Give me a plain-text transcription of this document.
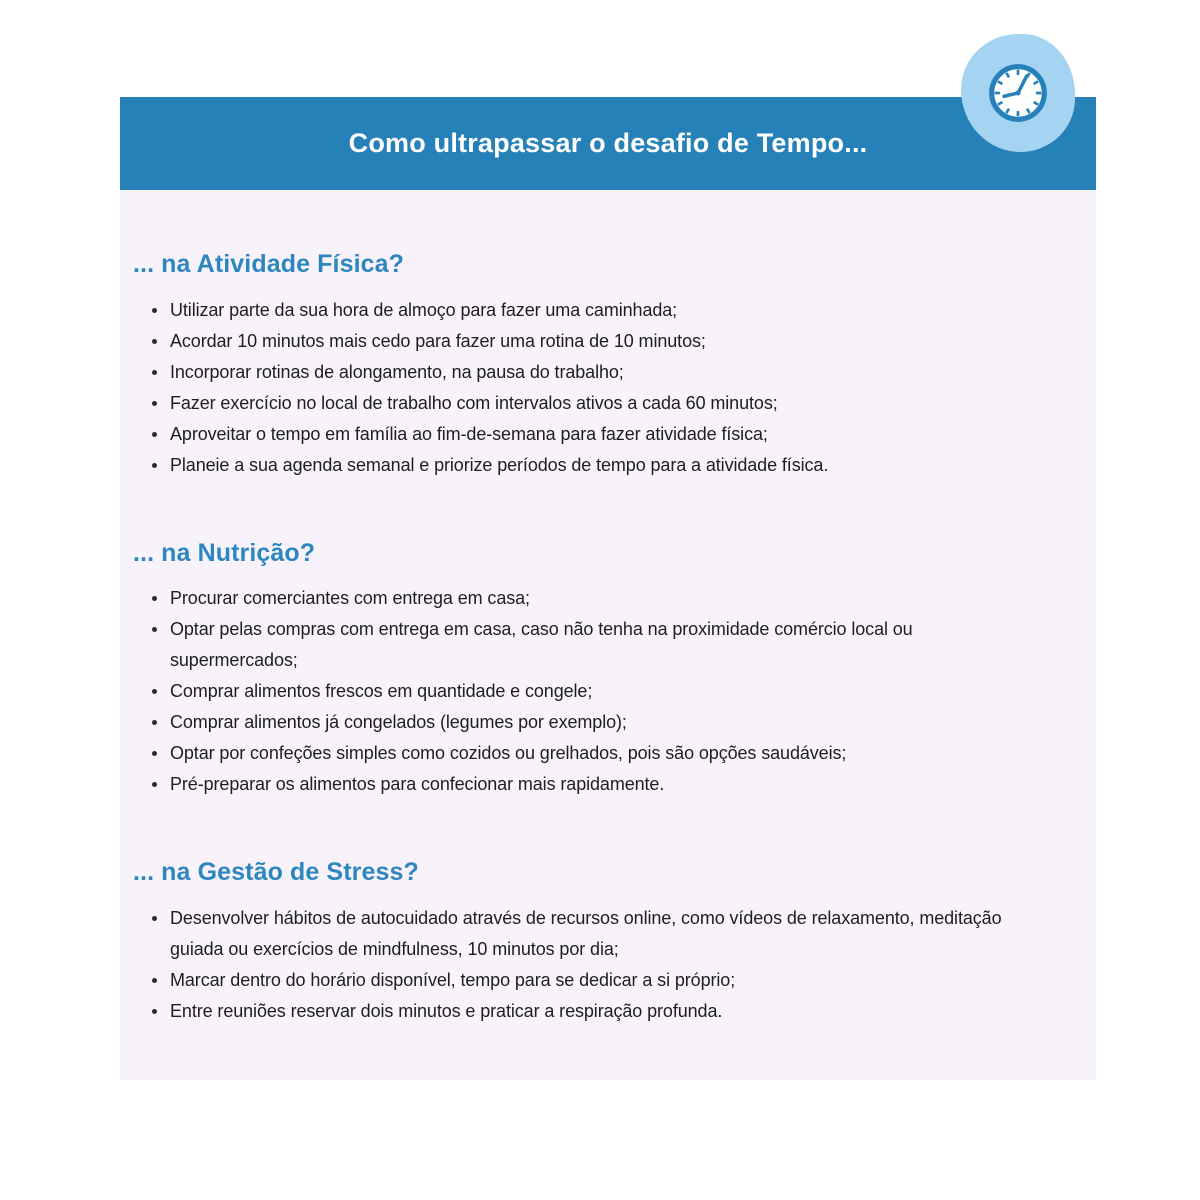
Como ultrapassar o desafio de Tempo...
... na Atividade Física?
Utilizar parte da sua hora de almoço para fazer uma caminhada;
Acordar 10 minutos mais cedo para fazer uma rotina de 10 minutos;
Incorporar rotinas de alongamento, na pausa do trabalho;
Fazer exercício no local de trabalho com intervalos ativos a cada 60 minutos;
Aproveitar o tempo em família ao fim-de-semana para fazer atividade física;
Planeie a sua agenda semanal e priorize períodos de tempo para a atividade física.
... na Nutrição?
Procurar comerciantes com entrega em casa;
Optar pelas compras com entrega em casa, caso não tenha na proximidade comércio local ou supermercados;
Comprar alimentos frescos em quantidade e congele;
Comprar alimentos já congelados (legumes por exemplo);
Optar por confeções simples como cozidos ou grelhados, pois são opções saudáveis;
Pré-preparar os alimentos para confecionar mais rapidamente.
... na Gestão de Stress?
Desenvolver hábitos de autocuidado através de recursos online, como vídeos de relaxamento, meditação guiada ou exercícios de mindfulness, 10 minutos por dia;
Marcar dentro do horário disponível, tempo para se dedicar a si próprio;
Entre reuniões reservar dois minutos e praticar a respiração profunda.
